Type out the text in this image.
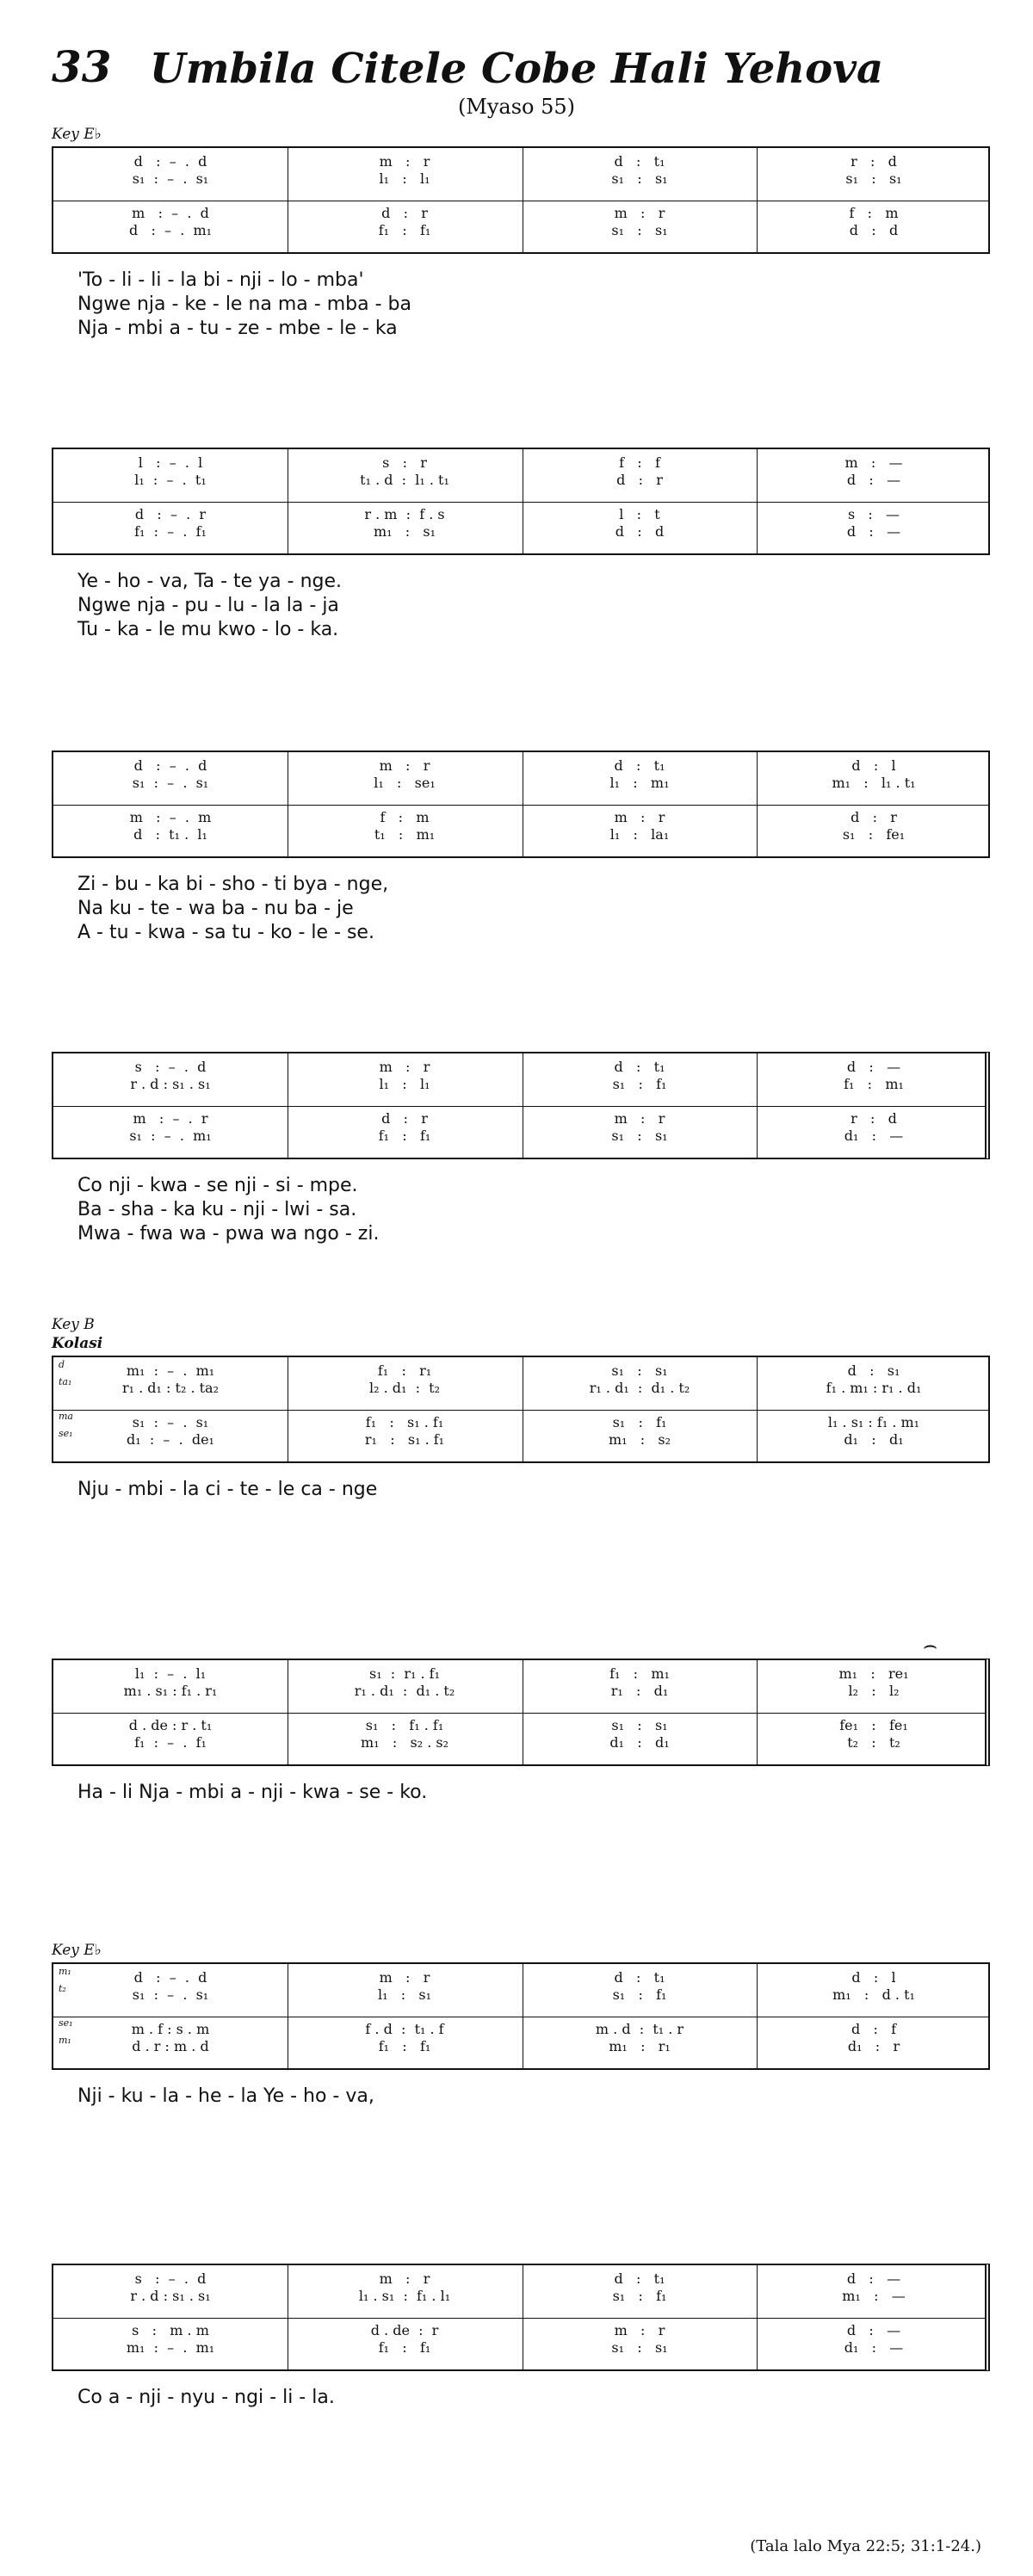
33 Umbila Citele Cobe Hali Yehova
(Myaso 55)
Key E♭
d   :  –  .  d	m   :   r	d   :   t₁	r   :   d
s₁  :  –  .  s₁	l₁   :   l₁	s₁   :   s₁	s₁   :   s₁
m   :  –  .  d	d   :   r	m   :   r	f   :   m
d   :  –  .  m₁	f₁   :   f₁	s₁   :   s₁	d   :   d
'To - li - li - la bi - nji - lo - mba'
Ngwe nja - ke - le na ma - mba - ba
Nja - mbi a - tu - ze - mbe - le - ka
l   :  –  .  l	s   :   r	f   :   f	m   :   —
l₁  :  –  .  t₁	t₁ . d  :  l₁ . t₁	d   :   r	d   :   —
d   :  –  .  r	r . m  :  f . s	l   :   t	s   :   —
f₁  :  –  .  f₁	m₁   :   s₁	d   :   d	d   :   —
Ye - ho - va, Ta - te ya - nge.
Ngwe nja - pu - lu - la la - ja
Tu - ka - le mu kwo - lo - ka.
d   :  –  .  d	m   :   r	d   :   t₁	d   :   l
s₁  :  –  .  s₁	l₁   :   se₁	l₁   :   m₁	m₁   :   l₁ . t₁
m   :  –  .  m	f   :   m	m   :   r	d   :   r
d   :  t₁ .  l₁	t₁   :   m₁	l₁   :   la₁	s₁   :   fe₁
Zi - bu - ka bi - sho - ti bya - nge,
Na ku - te - wa ba - nu ba - je
A - tu - kwa - sa tu - ko - le - se.
s   :  –  .  d	m   :   r	d   :   t₁	d   :   —
r . d : s₁ . s₁	l₁   :   l₁	s₁   :   f₁	f₁   :   m₁
m   :  –  .  r	d   :   r	m   :   r	r   :   d
s₁  :  –  .  m₁	f₁   :   f₁	s₁   :   s₁	d₁   :   —
Co nji - kwa - se nji - si - mpe.
Ba - sha - ka ku - nji - lwi - sa.
Mwa - fwa wa - pwa wa ngo - zi.
Key B
Kolasi
m₁  :  –  .  m₁	f₁   :   r₁	s₁   :   s₁	d   :   s₁
r₁ . d₁ : t₂ . ta₂	l₂ . d₁  :  t₂	r₁ . d₁  :  d₁ . t₂	f₁ . m₁ : r₁ . d₁
s₁  :  –  .  s₁	f₁   :   s₁ . f₁	s₁   :   f₁	l₁ . s₁ : f₁ . m₁
d₁  :  –  .  de₁	r₁   :   s₁ . f₁	m₁   :   s₂	d₁   :   d₁
d
ta₁
ma
se₁
Nju - mbi - la ci - te - le ca - nge
l₁  :  –  .  l₁	s₁  :  r₁ . f₁	f₁   :   m₁	m₁   :   re₁
m₁ . s₁ : f₁ . r₁	r₁ . d₁  :  d₁ . t₂	r₁   :   d₁	l₂   :   l₂
d . de : r . t₁	s₁   :   f₁ . f₁	s₁   :   s₁	fe₁   :   fe₁
f₁  :  –  .  f₁	m₁   :   s₂ . s₂	d₁   :   d₁	t₂   :   t₂
Ha - li Nja - mbi a - nji - kwa - se - ko.
Key E♭
d   :  –  .  d	m   :   r	d   :   t₁	d   :   l
s₁  :  –  .  s₁	l₁   :   s₁	s₁   :   f₁	m₁   :   d . t₁
m . f : s . m	f . d  :  t₁ . f	m . d  :  t₁ . r	d   :   f
d . r : m . d	f₁   :   f₁	m₁   :   r₁	d₁   :   r
m₁
t₂
se₁
m₁
Nji - ku - la - he - la Ye - ho - va,
s   :  –  .  d	m   :   r	d   :   t₁	d   :   —
r . d : s₁ . s₁	l₁ . s₁  :  f₁ . l₁	s₁   :   f₁	m₁   :   —
s   :   m . m	d . de  :  r	m   :   r	d   :   —
m₁  :  –  .  m₁	f₁   :   f₁	s₁   :   s₁	d₁   :   —
Co a - nji - nyu - ngi - li - la.
⌢
(Tala lalo Mya 22:5; 31:1-24.)
